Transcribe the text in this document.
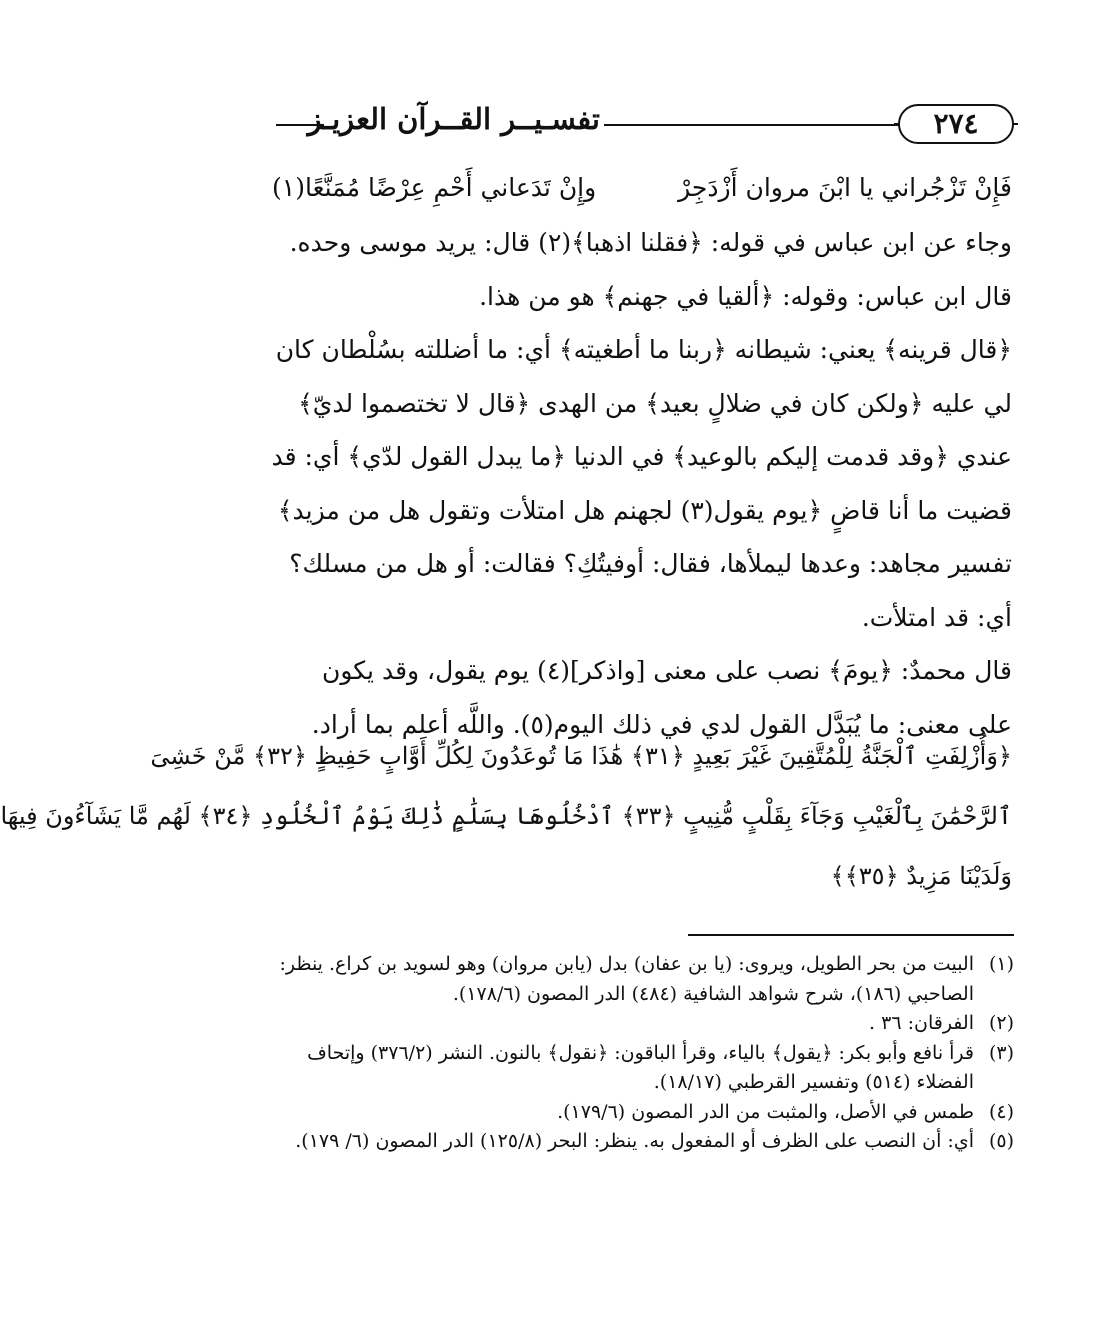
تفسـيــر القــرآن العزيـز	٢٧٤
فَإِنْ تَزْجُراني يا ابْنَ مروان أَزْدَجِرْ
وإِنْ تَدَعاني أَحْمِ عِرْضًا مُمَنَّعًا(١)
وجاء عن ابن عباس في قوله: ﴿فقلنا اذهبا﴾(٢) قال: يريد موسى وحده.
قال ابن عباس: وقوله: ﴿ألقيا في جهنم﴾ هو من هذا.
﴿قال قرينه﴾ يعني: شيطانه ﴿ربنا ما أطغيته﴾ أي: ما أضللته بسُلْطان كان
لي عليه ﴿ولكن كان في ضلالٍ بعيد﴾ من الهدى ﴿قال لا تختصموا لديّ﴾
عندي ﴿وقد قدمت إليكم بالوعيد﴾ في الدنيا ﴿ما يبدل القول لدّي﴾ أي: قد
قضيت ما أنا قاضٍ ﴿يوم يقول(٣) لجهنم هل امتلأت وتقول هل من مزيد﴾
تفسير مجاهد: وعدها ليملأها، فقال: أوفيتُكِ؟ فقالت: أو هل من مسلك؟
أي: قد امتلأت.
قال محمدٌ: ﴿يومَ﴾ نصب على معنى [واذكر](٤) يوم يقول، وقد يكون
على معنى: ما يُبَدَّل القول لدي في ذلك اليوم(٥). واللَّه أعلم بما أراد.
﴿وَأُزْلِفَتِ ٱلْجَنَّةُ لِلْمُتَّقِينَ غَيْرَ بَعِيدٍ ﴿٣١﴾ هَٰذَا مَا تُوعَدُونَ لِكُلِّ أَوَّابٍ حَفِيظٍ ﴿٣٢﴾ مَّنْ خَشِىَ
ٱلرَّحْمَٰنَ بِٱلْغَيْبِ وَجَآءَ بِقَلْبٍ مُّنِيبٍ ﴿٣٣﴾ ٱدْخُلُوهَا بِسَلَٰمٍ ذَٰلِكَ يَوْمُ ٱلْخُلُودِ ﴿٣٤﴾ لَهُم مَّا يَشَآءُونَ فِيهَا
وَلَدَيْنَا مَزِيدٌ ﴿٣٥﴾﴾
(١)
البيت من بحر الطويل، ويروى: (يا بن عفان) بدل (يابن مروان) وهو لسويد بن كراع. ينظر: الصاحبي (١٨٦)، شرح شواهد الشافية (٤٨٤) الدر المصون (١٧٨/٦).
(٢)
الفرقان: ٣٦ .
(٣)
قرأ نافع وأبو بكر: ﴿يقول﴾ بالياء، وقرأ الباقون: ﴿نقول﴾ بالنون. النشر (٣٧٦/٢) وإتحاف الفضلاء (٥١٤) وتفسير القرطبي (١٨/١٧).
(٤)
طمس في الأصل، والمثبت من الدر المصون (١٧٩/٦).
(٥)
أي: أن النصب على الظرف أو المفعول به. ينظر: البحر (١٢٥/٨) الدر المصون (٦/ ١٧٩).
